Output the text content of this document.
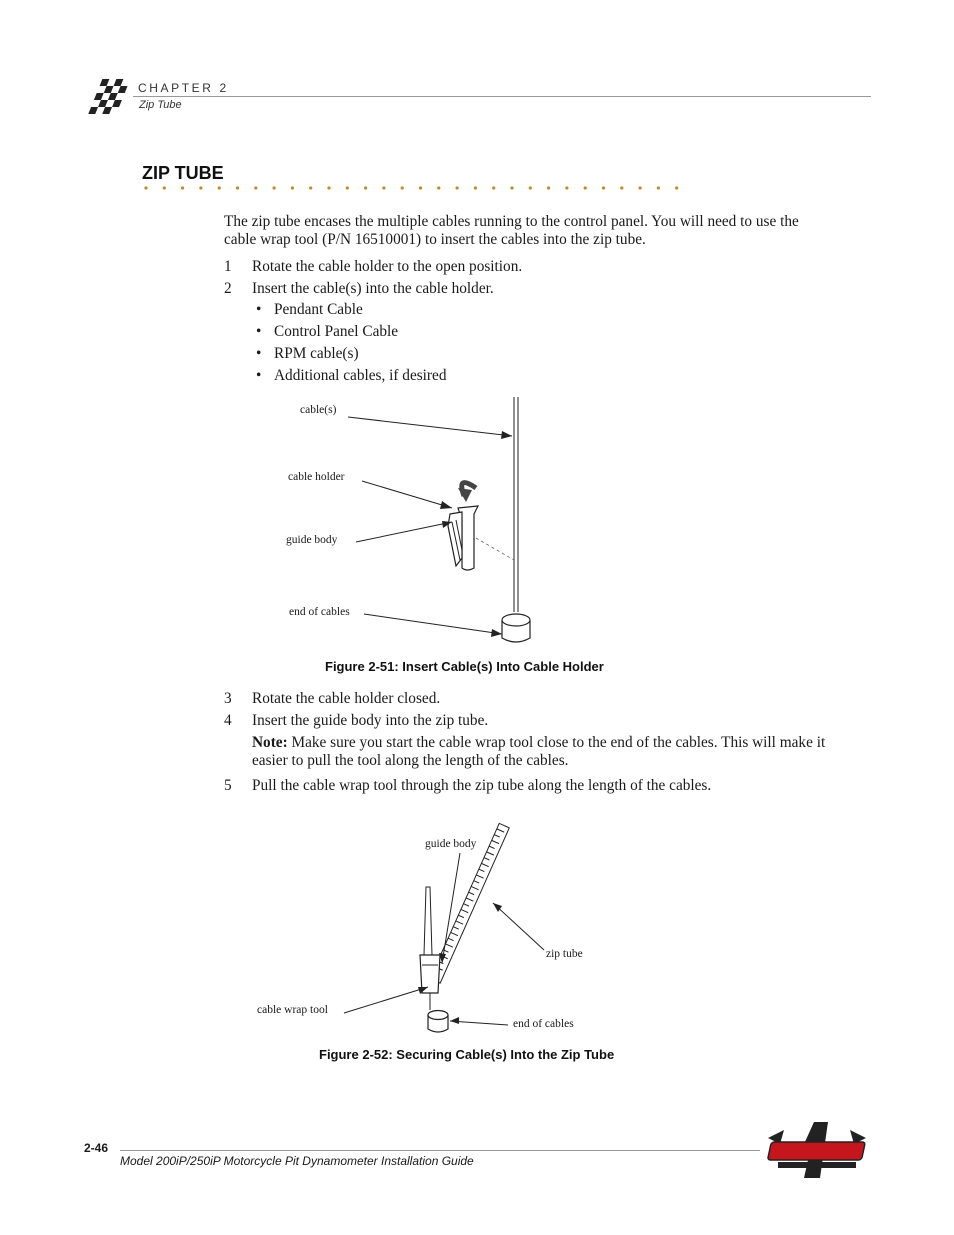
CHAPTER 2
Zip Tube
ZIP TUBE
The zip tube encases the multiple cables running to the control panel. You will need to use the cable wrap tool (P/N 16510001) to insert the cables into the zip tube.
1 Rotate the cable holder to the open position.
2 Insert the cable(s) into the cable holder.
• Pendant Cable
• Control Panel Cable
• RPM cable(s)
• Additional cables, if desired
cable(s)
cable holder
guide body
end of cables
Figure 2-51: Insert Cable(s) Into Cable Holder
3 Rotate the cable holder closed.
4 Insert the guide body into the zip tube.
Note: Make sure you start the cable wrap tool close to the end of the cables. This will make it easier to pull the tool along the length of the cables.
5 Pull the cable wrap tool through the zip tube along the length of the cables.
guide body
zip tube
cable wrap tool
end of cables
Figure 2-52: Securing Cable(s) Into the Zip Tube
2-46
Model 200iP/250iP Motorcycle Pit Dynamometer Installation Guide
